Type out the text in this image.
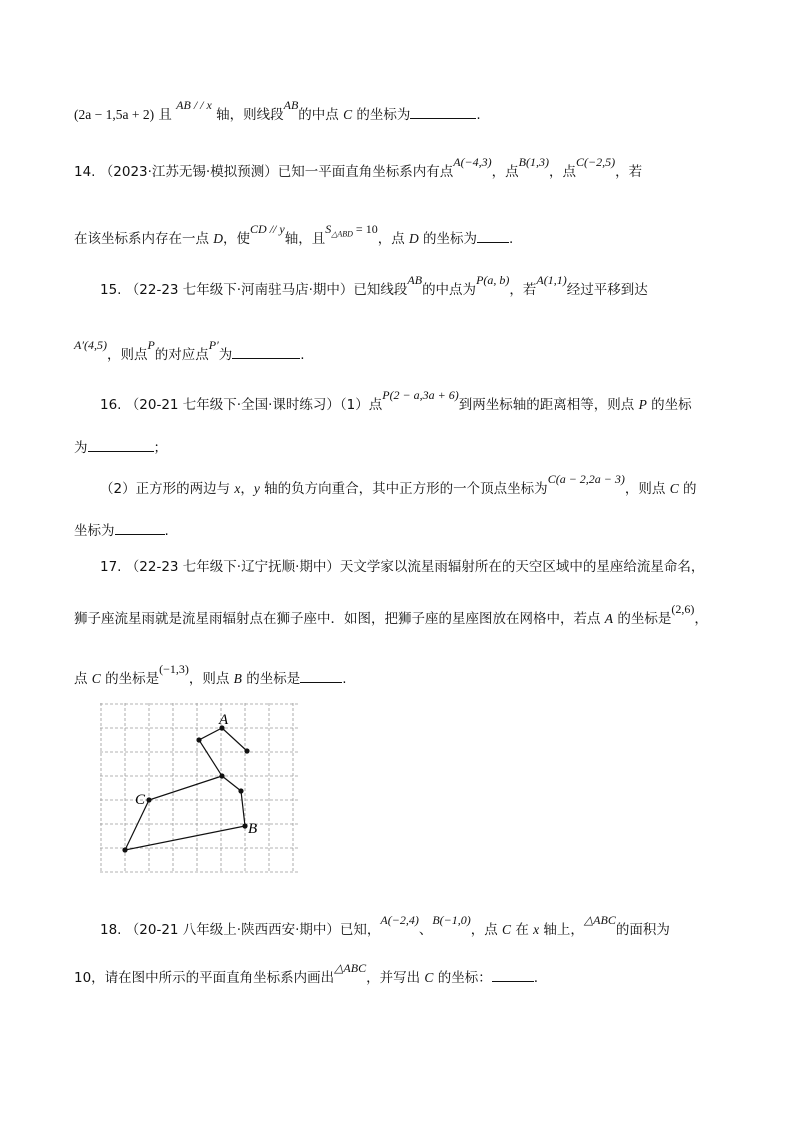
(2a − 1,5a + 2) 且 AB / / x 轴，则线段AB的中点 C 的坐标为	.
14. （2023·江苏无锡·模拟预测）已知一平面直角坐标系内有点A(−4,3)，点B(1,3)，点C(−2,5)，若
在该坐标系内存在一点 D，使CD // y轴，且$S_{\triangle ABD} = 10$，点 D 的坐标为 .
15. （22-23 七年级下·河南驻马店·期中）已知线段AB的中点为P(a, b)，若A(1,1)经过平移到达
A′(4,5)，则点P的对应点P′为	.
16. （20-21 七年级下·全国·课时练习）（1）点P(2 − a,3a + 6)到两坐标轴的距离相等，则点 P 的坐标
为	；
（2）正方形的两边与 x，y 轴的负方向重合，其中正方形的一个顶点坐标为C(a − 2,2a − 3)，则点 C 的
坐标为	.
17. （22-23 七年级下·辽宁抚顺·期中）天文学家以流星雨辐射所在的天空区域中的星座给流星命名，
狮子座流星雨就是流星雨辐射点在狮子座中．如图，把狮子座的星座图放在网格中，若点 A 的坐标是(2,6)，
点 C 的坐标是(−1,3)，则点 B 的坐标是	.
A
C
B
18. （20-21 八年级上·陕西西安·期中）已知，A(−2,4)、B(−1,0)，点 C 在 x 轴上，△ABC的面积为
10，请在图中所示的平面直角坐标系内画出△ABC，并写出 C 的坐标：	.
